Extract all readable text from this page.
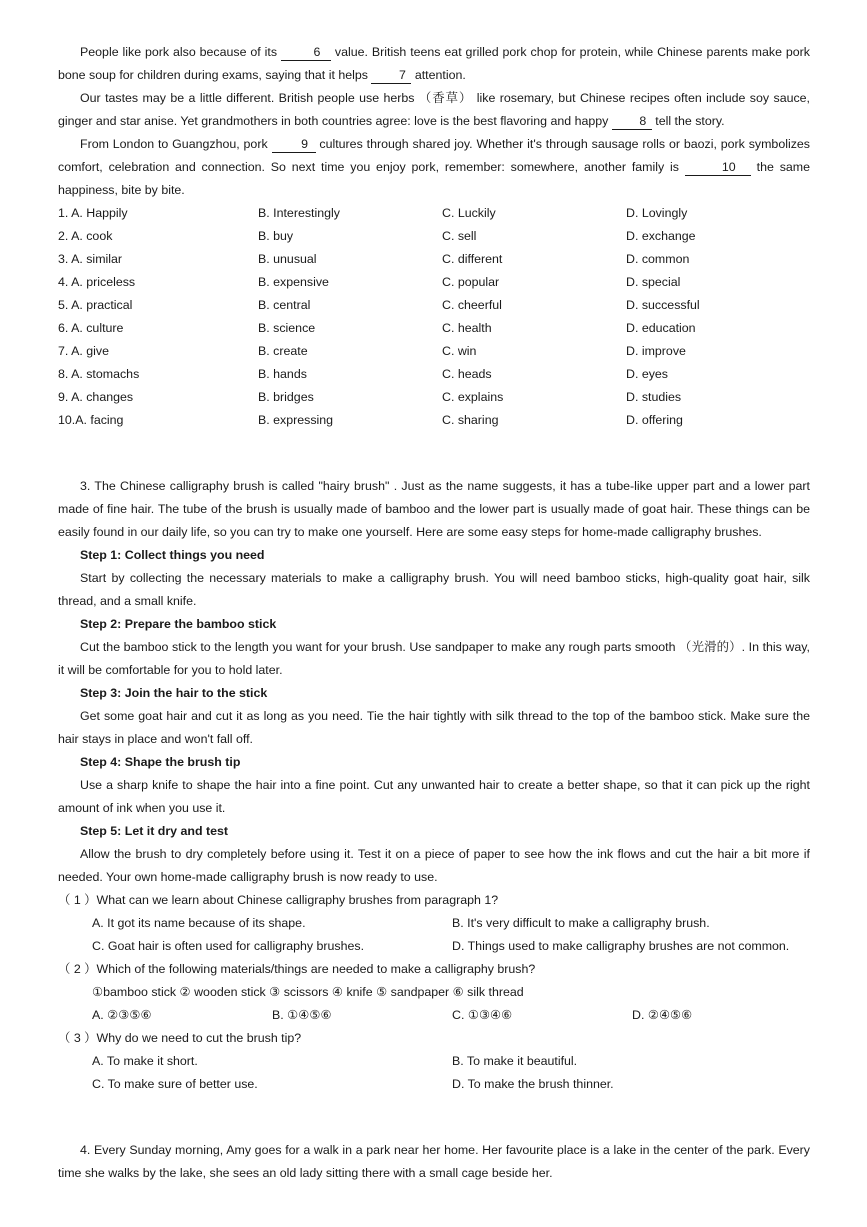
People like pork also because of its	6 value. British teens eat grilled pork chop for protein, while Chinese parents make pork bone soup for children during exams, saying that it helps 7 attention.

Our tastes may be a little different. British people use herbs （香草） like rosemary, but Chinese recipes often include soy sauce, ginger and star anise. Yet grandmothers in both countries agree: love is the best flavoring and happy 8 tell the story.

From London to Guangzhou, pork 9 cultures through shared joy. Whether it's through sausage rolls or baozi, pork symbolizes comfort, celebration and connection. So next time you enjoy pork, remember: somewhere, another family is	10 the same happiness, bite by bite.

1. A. Happily	B. Interestingly	C. Luckily	D. Lovingly
2. A. cook	B. buy	C. sell	D. exchange
3. A. similar	B. unusual	C. different	D. common
4. A. priceless	B. expensive	C. popular	D. special
5. A. practical	B. central	C. cheerful	D. successful
6. A. culture	B. science	C. health	D. education
7. A. give	B. create	C. win	D. improve
8. A. stomachs	B. hands	C. heads	D. eyes
9. A. changes	B. bridges	C. explains	D. studies
10.A. facing	B. expressing	C. sharing	D. offering

3. The Chinese calligraphy brush is called "hairy brush" . Just as the name suggests, it has a tube-like upper part and a lower part made of fine hair. The tube of the brush is usually made of bamboo and the lower part is usually made of goat hair. These things can be easily found in our daily life, so you can try to make one yourself. Here are some easy steps for home-made calligraphy brushes.

Step 1: Collect things you need

Start by collecting the necessary materials to make a calligraphy brush. You will need bamboo sticks, high-quality goat hair, silk thread, and a small knife.

Step 2: Prepare the bamboo stick

Cut the bamboo stick to the length you want for your brush. Use sandpaper to make any rough parts smooth （光滑的）. In this way, it will be comfortable for you to hold later.

Step 3: Join the hair to the stick

Get some goat hair and cut it as long as you need. Tie the hair tightly with silk thread to the top of the bamboo stick. Make sure the hair stays in place and won't fall off.

Step 4: Shape the brush tip

Use a sharp knife to shape the hair into a fine point. Cut any unwanted hair to create a better shape, so that it can pick up the right amount of ink when you use it.

Step 5: Let it dry and test

Allow the brush to dry completely before using it. Test it on a piece of paper to see how the ink flows and cut the hair a bit more if needed. Your own home-made calligraphy brush is now ready to use.

（ 1 ）What can we learn about Chinese calligraphy brushes from paragraph 1?

A. It got its name because of its shape.	B. It's very difficult to make a calligraphy brush.
C. Goat hair is often used for calligraphy brushes.	D. Things used to make calligraphy brushes are not common.

（ 2 ）Which of the following materials/things are needed to make a calligraphy brush?

①bamboo stick ② wooden stick ③ scissors ④ knife ⑤ sandpaper ⑥ silk thread

A. ②③⑤⑥	B. ①④⑤⑥	C. ①③④⑥	D. ②④⑤⑥

（ 3 ）Why do we need to cut the brush tip?

A. To make it short.	B. To make it beautiful.
C. To make sure of better use.	D. To make the brush thinner.

4. Every Sunday morning, Amy goes for a walk in a park near her home. Her favourite place is a lake in the center of the park. Every time she walks by the lake, she sees an old lady sitting there with a small cage beside her.
